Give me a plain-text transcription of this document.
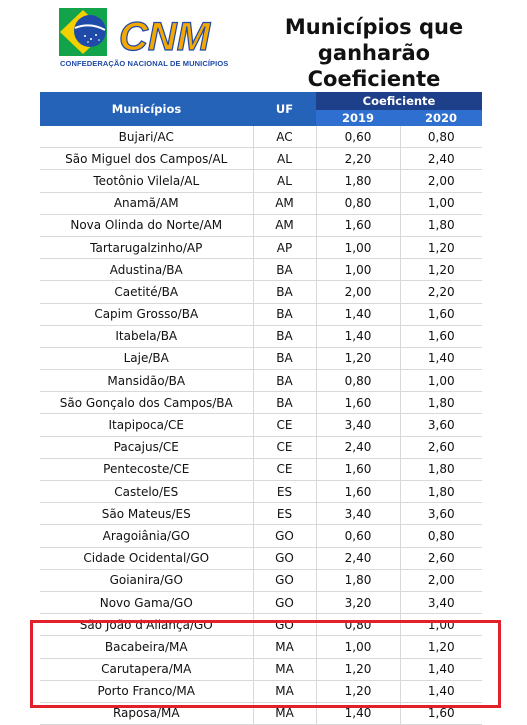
CNM
CONFEDERAÇÃO NACIONAL DE MUNICÍPIOS
Municípios que ganharão Coeficiente
Municípios	UF	Coeficiente	
		2019	2020
Bujari/AC	AC	0,60	0,80
São Miguel dos Campos/AL	AL	2,20	2,40
Teotônio Vilela/AL	AL	1,80	2,00
Anamã/AM	AM	0,80	1,00
Nova Olinda do Norte/AM	AM	1,60	1,80
Tartarugalzinho/AP	AP	1,00	1,20
Adustina/BA	BA	1,00	1,20
Caetité/BA	BA	2,00	2,20
Capim Grosso/BA	BA	1,40	1,60
Itabela/BA	BA	1,40	1,60
Laje/BA	BA	1,20	1,40
Mansidão/BA	BA	0,80	1,00
São Gonçalo dos Campos/BA	BA	1,60	1,80
Itapipoca/CE	CE	3,40	3,60
Pacajus/CE	CE	2,40	2,60
Pentecoste/CE	CE	1,60	1,80
Castelo/ES	ES	1,60	1,80
São Mateus/ES	ES	3,40	3,60
Aragoiânia/GO	GO	0,60	0,80
Cidade Ocidental/GO	GO	2,40	2,60
Goianira/GO	GO	1,80	2,00
Novo Gama/GO	GO	3,20	3,40
São João d'Aliança/GO	GO	0,80	1,00
Bacabeira/MA	MA	1,00	1,20
Carutapera/MA	MA	1,20	1,40
Porto Franco/MA	MA	1,20	1,40
Raposa/MA	MA	1,40	1,60
